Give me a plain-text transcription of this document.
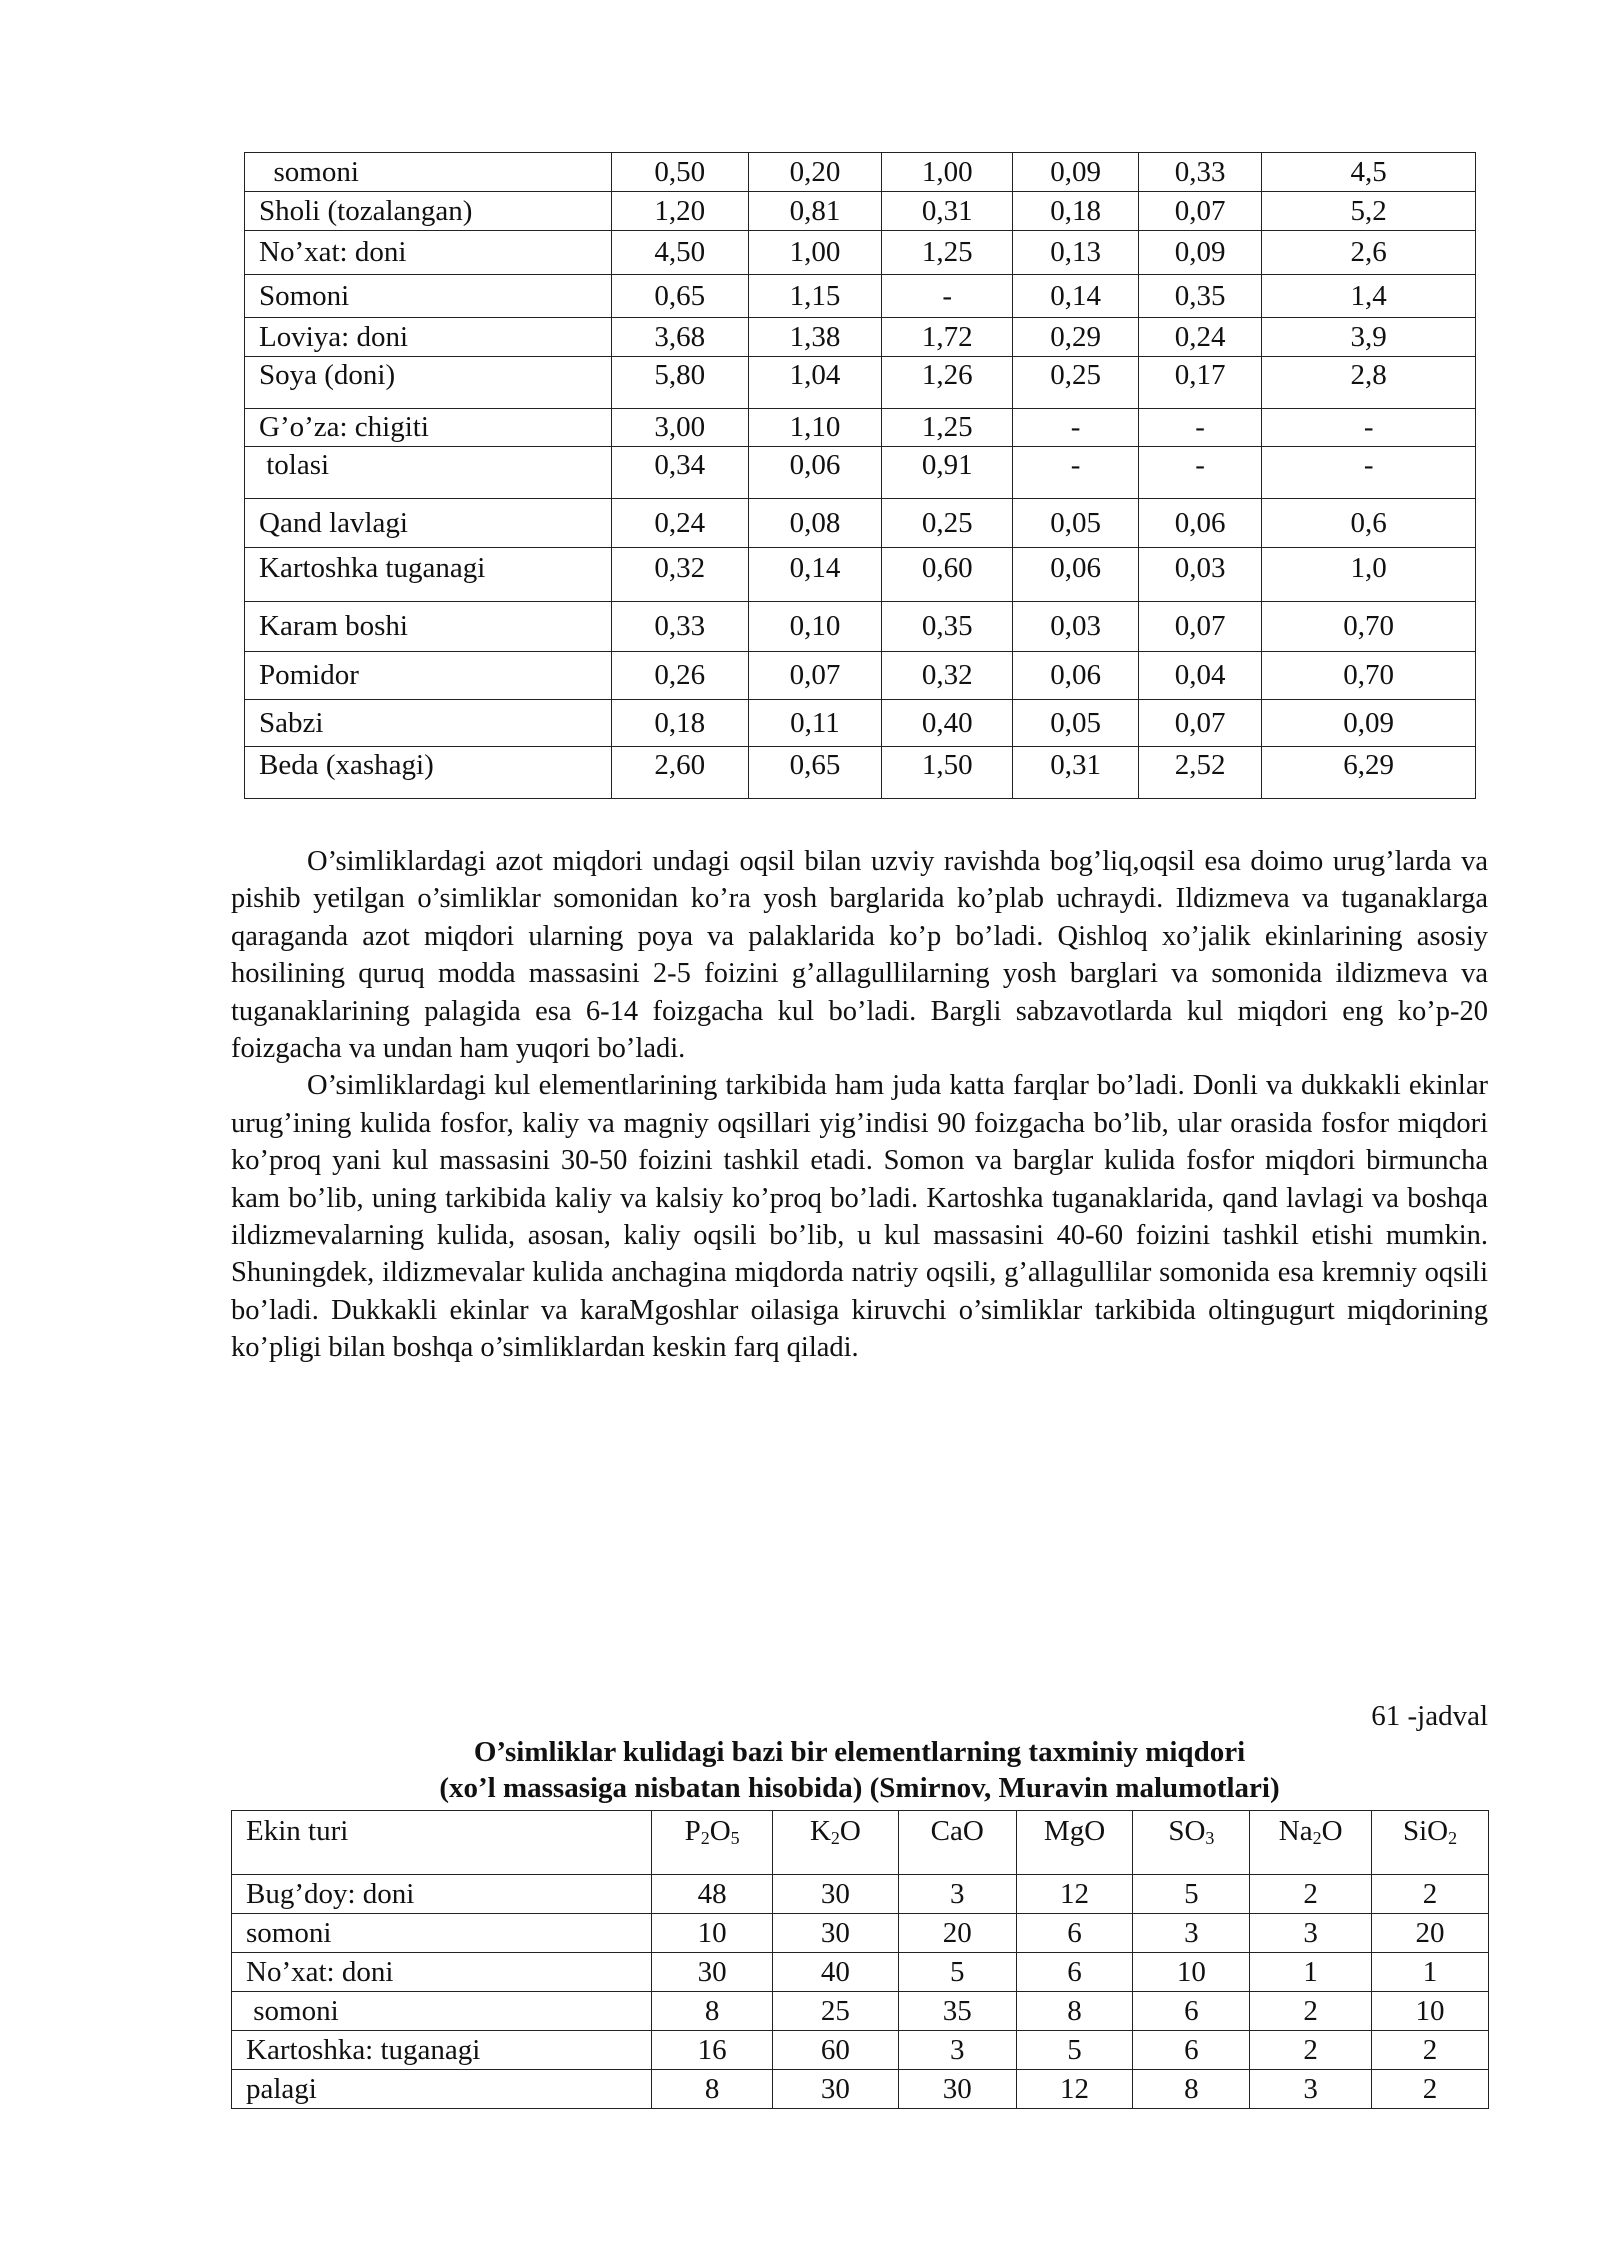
somoni	0,50	0,20	1,00	0,09	0,33	4,5
Sholi (tozalangan)	1,20	0,81	0,31	0,18	0,07	5,2
No’xat: doni	4,50	1,00	1,25	0,13	0,09	2,6
Somoni	0,65	1,15	-	0,14	0,35	1,4
Loviya: doni	3,68	1,38	1,72	0,29	0,24	3,9
Soya (doni)	5,80	1,04	1,26	0,25	0,17	2,8
G’o’za: chigiti	3,00	1,10	1,25	-	-	-
tolasi	0,34	0,06	0,91	-	-	-
Qand lavlagi	0,24	0,08	0,25	0,05	0,06	0,6
Kartoshka tuganagi	0,32	0,14	0,60	0,06	0,03	1,0
Karam boshi	0,33	0,10	0,35	0,03	0,07	0,70
Pomidor	0,26	0,07	0,32	0,06	0,04	0,70
Sabzi	0,18	0,11	0,40	0,05	0,07	0,09
Beda (xashagi)	2,60	0,65	1,50	0,31	2,52	6,29

O’simliklardagi azot miqdori undagi oqsil bilan uzviy ravishda bog’liq,oqsil esa doimo urug’larda va pishib yetilgan o’simliklar somonidan ko’ra yosh barglarida ko’plab uchraydi. Ildizmeva va tuganaklarga qaraganda azot miqdori ularning poya va palaklarida ko’p bo’ladi. Qishloq xo’jalik ekinlarining asosiy hosilining quruq modda massasini 2-5 foizini g’allagullilarning yosh barglari va somonida ildizmeva va tuganaklarining palagida esa 6-14 foizgacha kul bo’ladi. Bargli sabzavotlarda kul miqdori eng ko’p-20 foizgacha va undan ham yuqori bo’ladi.

O’simliklardagi kul elementlarining tarkibida ham juda katta farqlar bo’ladi. Donli va dukkakli ekinlar urug’ining kulida fosfor, kaliy va magniy oqsillari yig’indisi 90 foizgacha bo’lib, ular orasida fosfor miqdori ko’proq yani kul massasini 30-50 foizini tashkil etadi. Somon va barglar kulida fosfor miqdori birmuncha kam bo’lib, uning tarkibida kaliy va kalsiy ko’proq bo’ladi. Kartoshka tuganaklarida, qand lavlagi va boshqa ildizmevalarning kulida, asosan, kaliy oqsili bo’lib, u kul massasini 40-60 foizini tashkil etishi mumkin. Shuningdek, ildizmevalar kulida anchagina miqdorda natriy oqsili, g’allagullilar somonida esa kremniy oqsili bo’ladi. Dukkakli ekinlar va karaMgoshlar oilasiga kiruvchi o’simliklar tarkibida oltingugurt miqdorining ko’pligi bilan boshqa o’simliklardan keskin farq qiladi.

61 -jadval
O’simliklar kulidagi bazi bir elementlarning taxminiy miqdori
(xo’l massasiga nisbatan hisobida) (Smirnov, Muravin malumotlari)
Ekin turi	$P_2O_5$	$K_2O$	CaO	MgO	$SO_3$	$Na_2O$	SiO$_2$
Bug’doy: doni	48	30	3	12	5	2	2
somoni	10	30	20	6	3	3	20
No’xat: doni	30	40	5	6	10	1	1
somoni	8	25	35	8	6	2	10
Kartoshka: tuganagi	16	60	3	5	6	2	2
palagi	8	30	30	12	8	3	2
